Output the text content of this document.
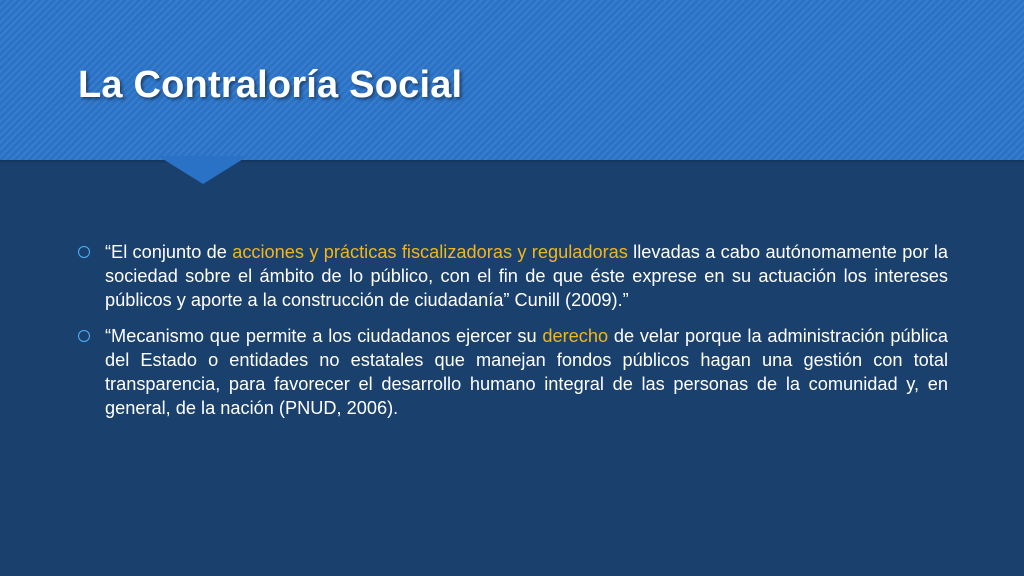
La Contraloría Social
“El conjunto de acciones y prácticas fiscalizadoras y reguladoras llevadas a cabo autónomamente por la sociedad sobre el ámbito de lo público, con el fin de que éste exprese en su actuación los intereses públicos y aporte a la construcción de ciudadanía” Cunill (2009).”
“Mecanismo que permite a los ciudadanos ejercer su derecho de velar porque la administración pública del Estado o entidades no estatales que manejan fondos públicos hagan una gestión con total transparencia, para favorecer el desarrollo humano integral de las personas de la comunidad y, en general, de la nación (PNUD, 2006).
